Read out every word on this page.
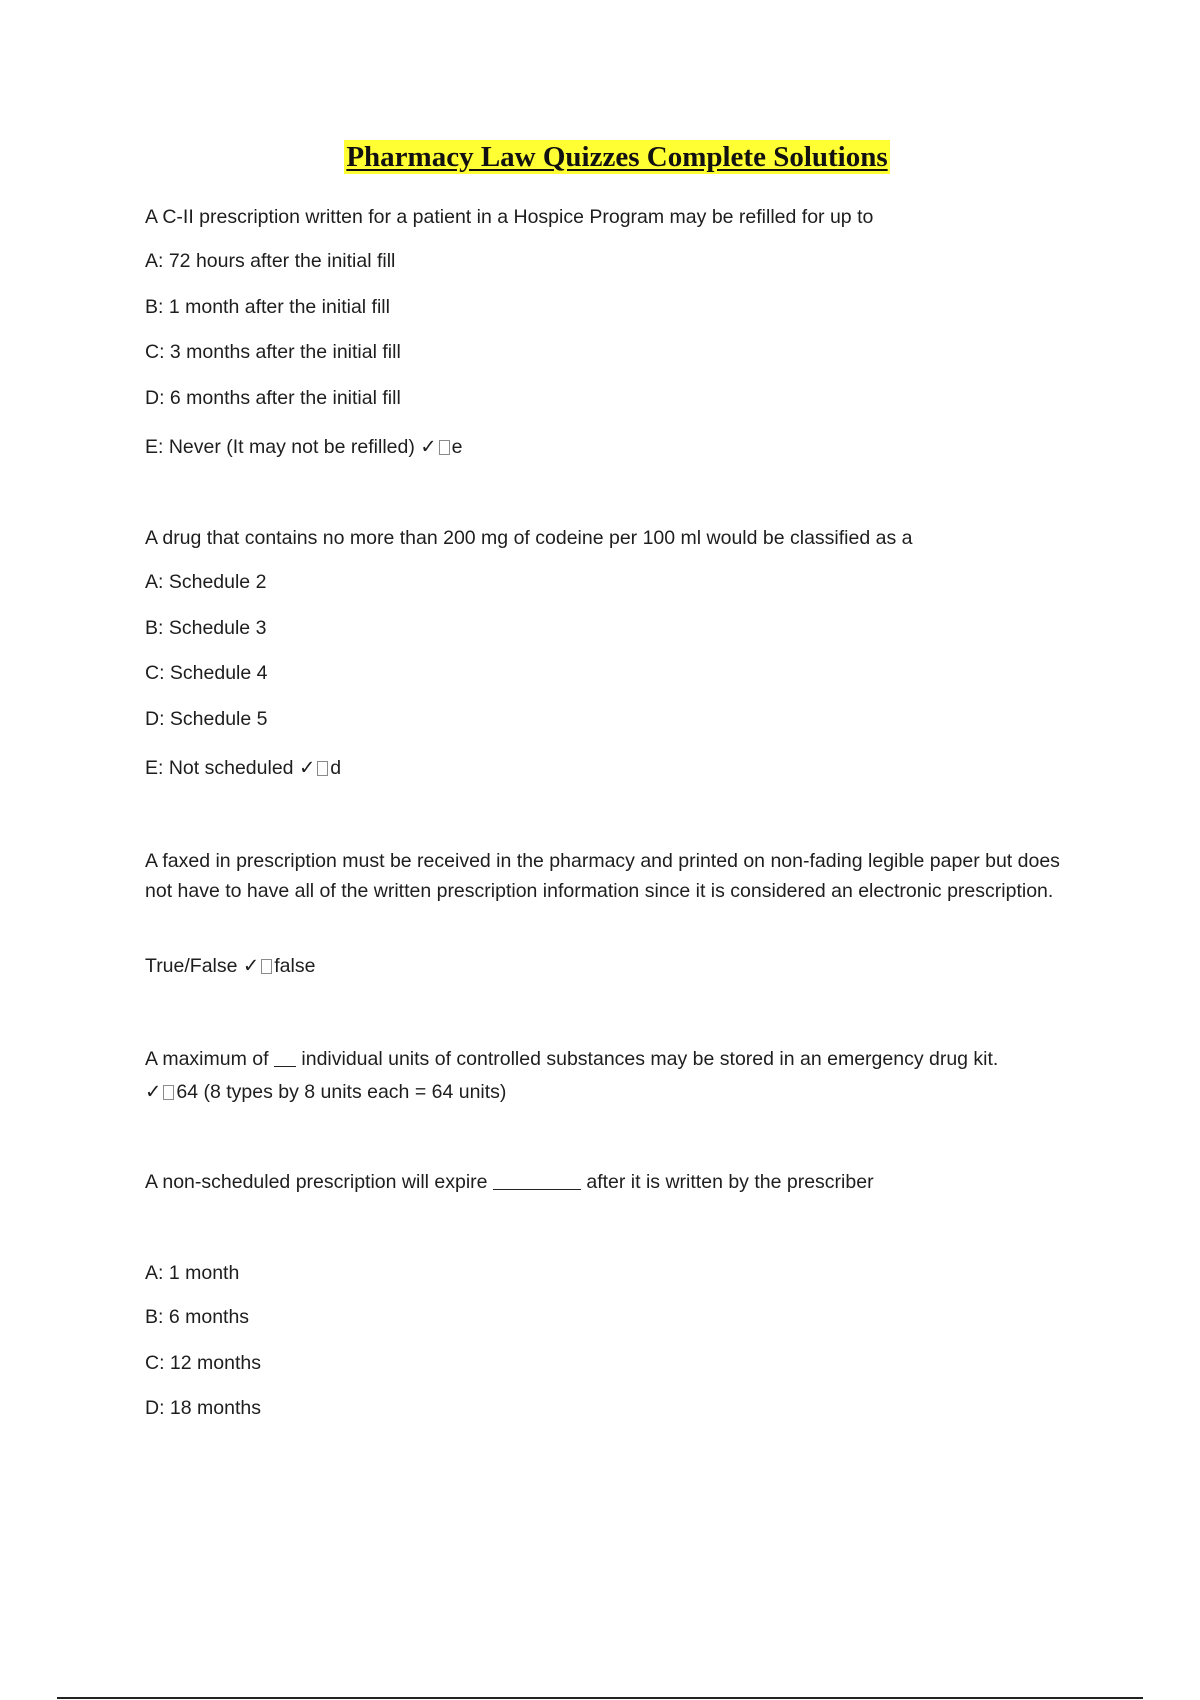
Pharmacy Law Quizzes Complete Solutions
A C-II prescription written for a patient in a Hospice Program may be refilled for up to
A: 72 hours after the initial fill
B: 1 month after the initial fill
C: 3 months after the initial fill
D: 6 months after the initial fill
E: Never (It may not be refilled) ✓ e
A drug that contains no more than 200 mg of codeine per 100 ml would be classified as a
A: Schedule 2
B: Schedule 3
C: Schedule 4
D: Schedule 5
E: Not scheduled ✓ d
A faxed in prescription must be received in the pharmacy and printed on non-fading legible paper but does not have to have all of the written prescription information since it is considered an electronic prescription.
True/False ✓ false
A maximum of individual units of controlled substances may be stored in an emergency drug kit.
✓ 64 (8 types by 8 units each = 64 units)
A non-scheduled prescription will expire	after it is written by the prescriber
A: 1 month
B: 6 months
C: 12 months
D: 18 months
